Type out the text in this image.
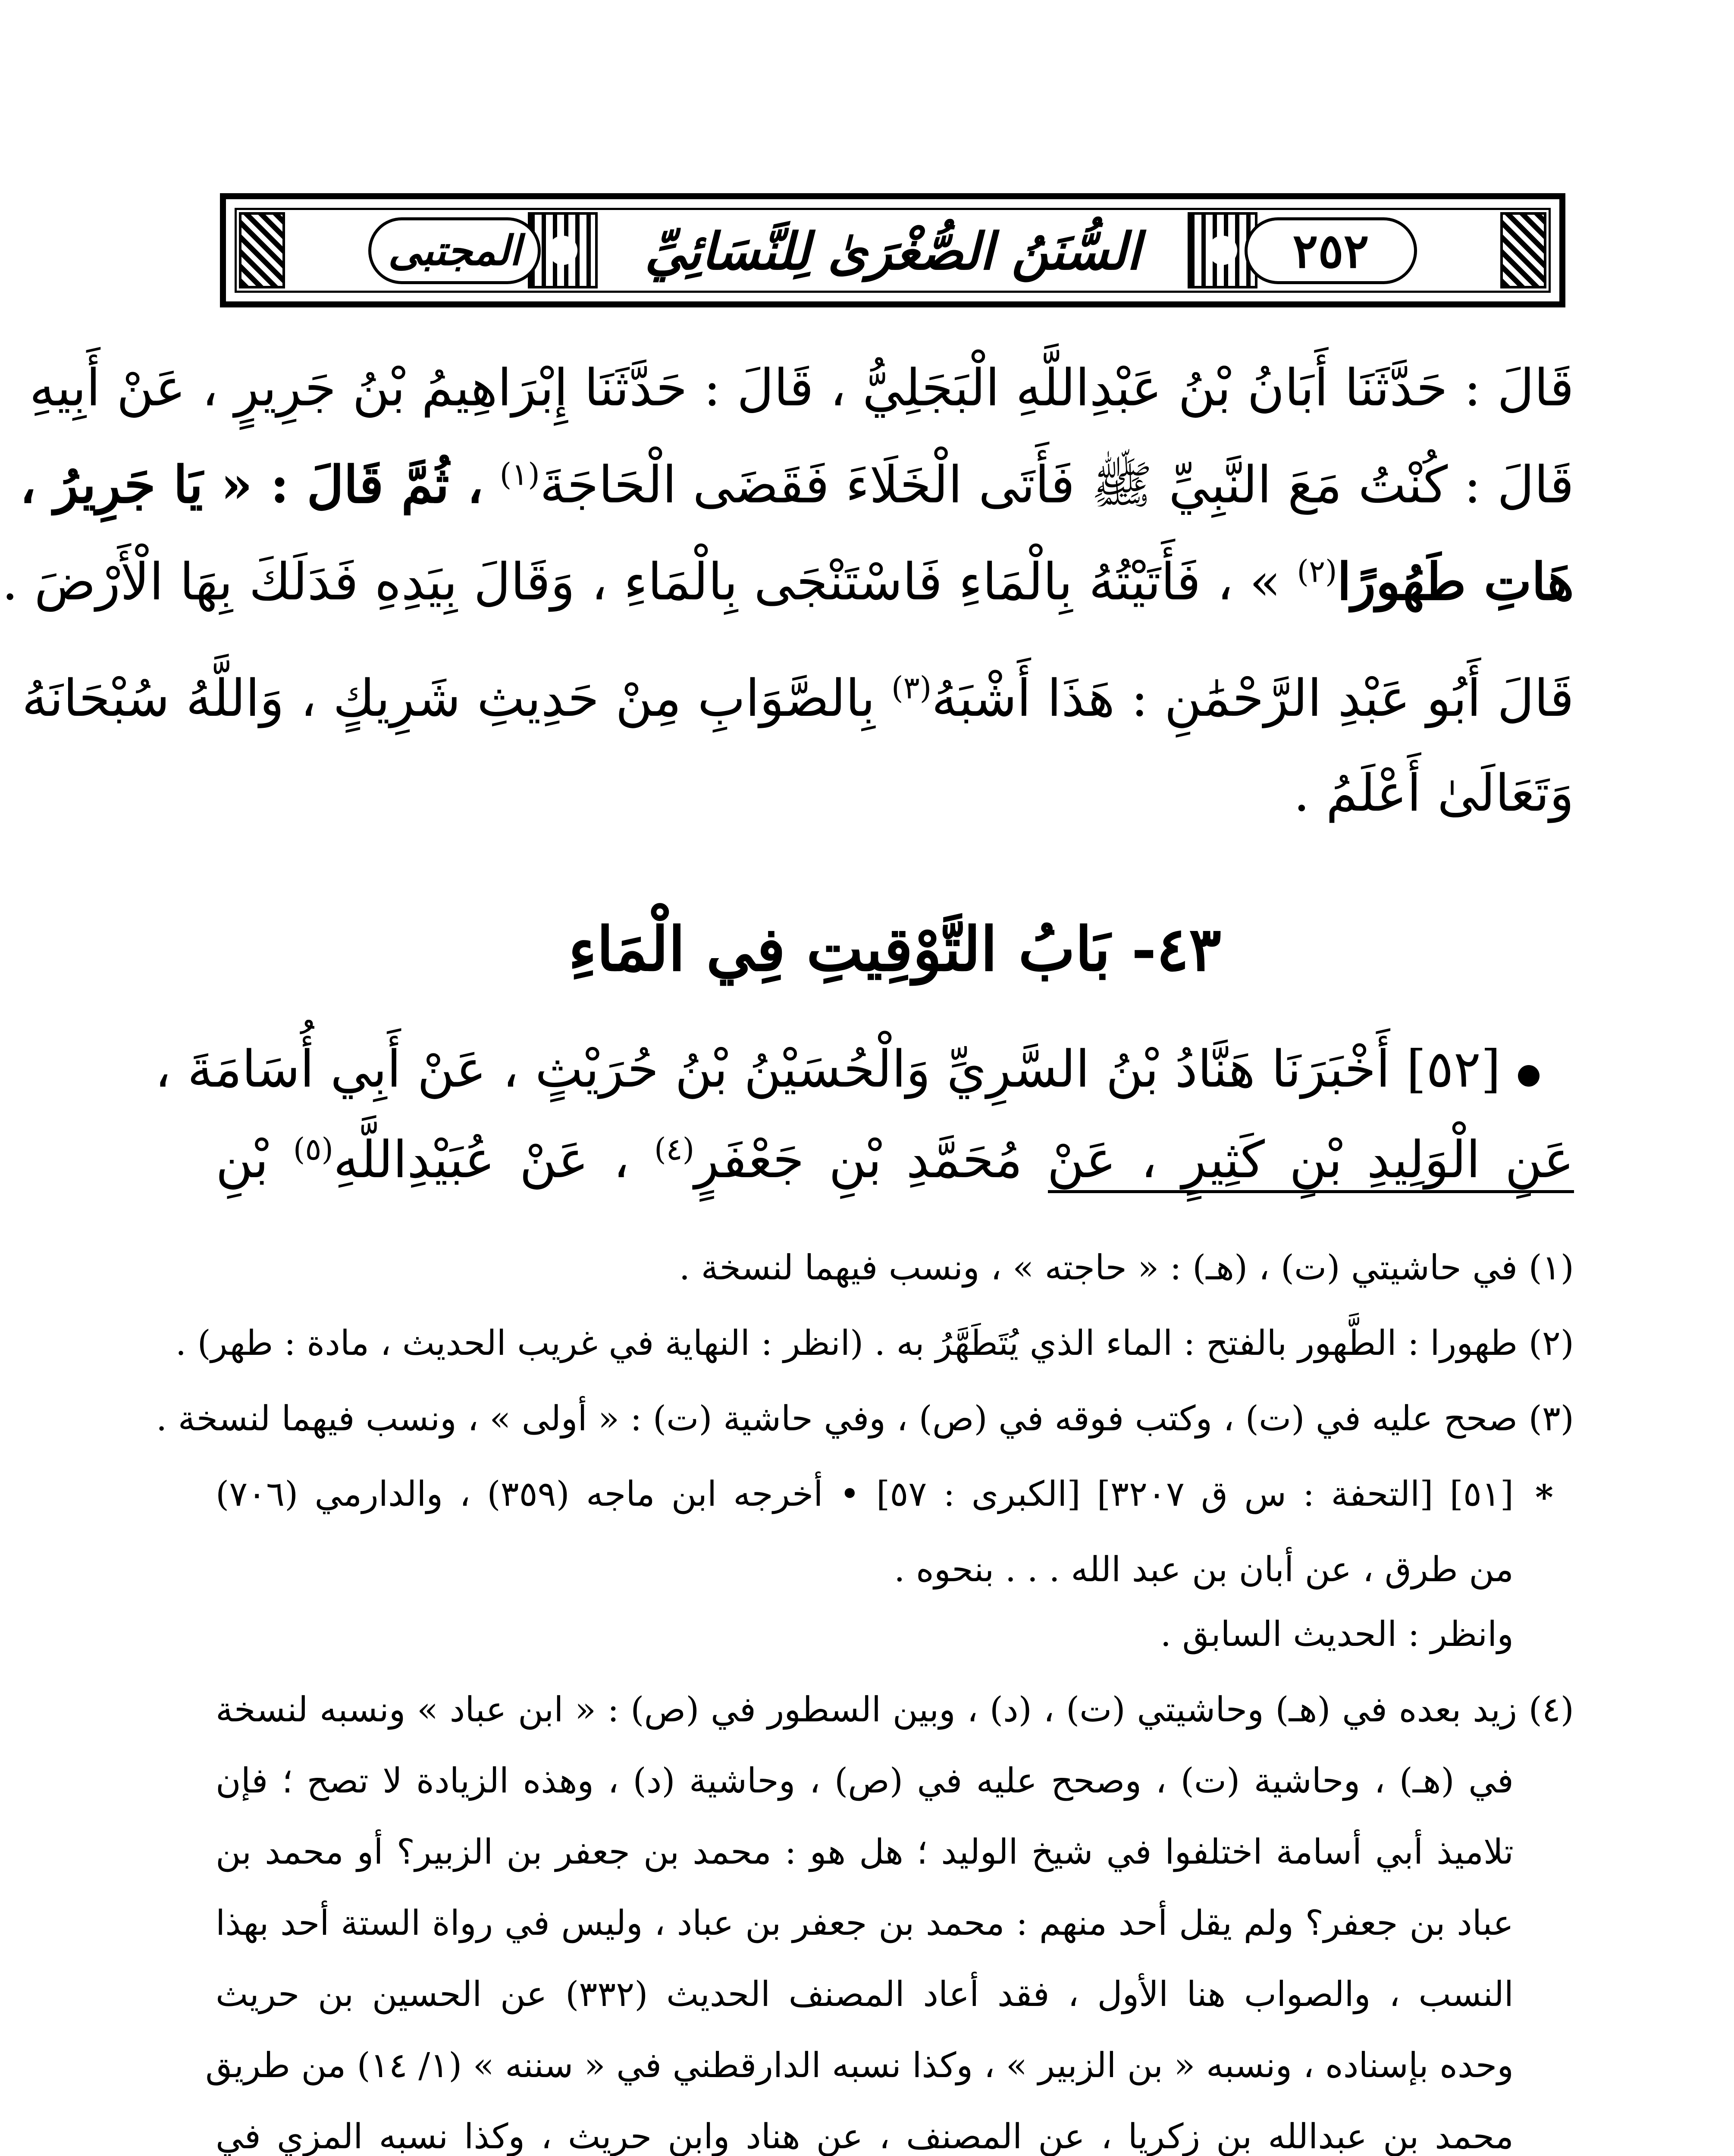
٢٥٢
السُّنَنُ الصُّغْرَىٰ لِلنَّسَائِيِّ
المجتبى
قَالَ : حَدَّثَنَا أَبَانُ بْنُ عَبْدِاللَّهِ الْبَجَلِيُّ ، قَالَ : حَدَّثَنَا إِبْرَاهِيمُ بْنُ جَرِيرٍ ، عَنْ أَبِيهِ
قَالَ : كُنْتُ مَعَ النَّبِيِّ ﷺ فَأَتَى الْخَلَاءَ فَقَضَى الْحَاجَةَ$^{(١)}$ ، ثُمَّ قَالَ : « يَا جَرِيرُ ،
هَاتِ طَهُورًا$^{(٢)}$ » ، فَأَتَيْتُهُ بِالْمَاءِ فَاسْتَنْجَى بِالْمَاءِ ، وَقَالَ بِيَدِهِ فَدَلَكَ بِهَا الْأَرْضَ .
قَالَ أَبُو عَبْدِ الرَّحْمَٰنِ : هَذَا أَشْبَهُ$^{(٣)}$ بِالصَّوَابِ مِنْ حَدِيثِ شَرِيكٍ ، وَاللَّهُ سُبْحَانَهُ
وَتَعَالَىٰ أَعْلَمُ .
٤٣- بَابُ التَّوْقِيتِ فِي الْمَاءِ
[٥٢] أَخْبَرَنَا هَنَّادُ بْنُ السَّرِيِّ وَالْحُسَيْنُ بْنُ حُرَيْثٍ ، عَنْ أَبِي أُسَامَةَ ،
عَنِ الْوَلِيدِ بْنِ كَثِيرٍ ، عَنْ مُحَمَّدِ بْنِ جَعْفَرٍ$^{(٤)}$ ، عَنْ عُبَيْدِاللَّهِ$^{(٥)}$ بْنِ
(١) في حاشيتي (ت) ، (هـ) : « حاجته » ، ونسب فيهما لنسخة .
(٢) طهورا : الطَّهور بالفتح : الماء الذي يُتَطَهَّرُ به . (انظر : النهاية في غريب الحديث ، مادة : طهر) .
(٣) صحح عليه في (ت) ، وكتب فوقه في (ص) ، وفي حاشية (ت) : « أولى » ، ونسب فيهما لنسخة .
*
[٥١] [التحفة : س ق ٣٢٠٧] [الكبرى : ٥٧] • أخرجه ابن ماجه (٣٥٩) ، والدارمي (٧٠٦)
من طرق ، عن أبان بن عبد الله . . . بنحوه .
وانظر : الحديث السابق .
(٤) زيد بعده في (هـ) وحاشيتي (ت) ، (د) ، وبين السطور في (ص) : « ابن عباد » ونسبه لنسخة
في (هـ) ، وحاشية (ت) ، وصحح عليه في (ص) ، وحاشية (د) ، وهذه الزيادة لا تصح ؛ فإن
تلاميذ أبي أسامة اختلفوا في شيخ الوليد ؛ هل هو : محمد بن جعفر بن الزبير؟ أو محمد بن
عباد بن جعفر؟ ولم يقل أحد منهم : محمد بن جعفر بن عباد ، وليس في رواة الستة أحد بهذا
النسب ، والصواب هنا الأول ، فقد أعاد المصنف الحديث (٣٣٢) عن الحسين بن حريث
وحده بإسناده ، ونسبه « بن الزبير » ، وكذا نسبه الدارقطني في « سننه » (١/ ١٤) من طريق
محمد بن عبدالله بن زكريا ، عن المصنف ، عن هناد وابن حريث ، وكذا نسبه المزي في
